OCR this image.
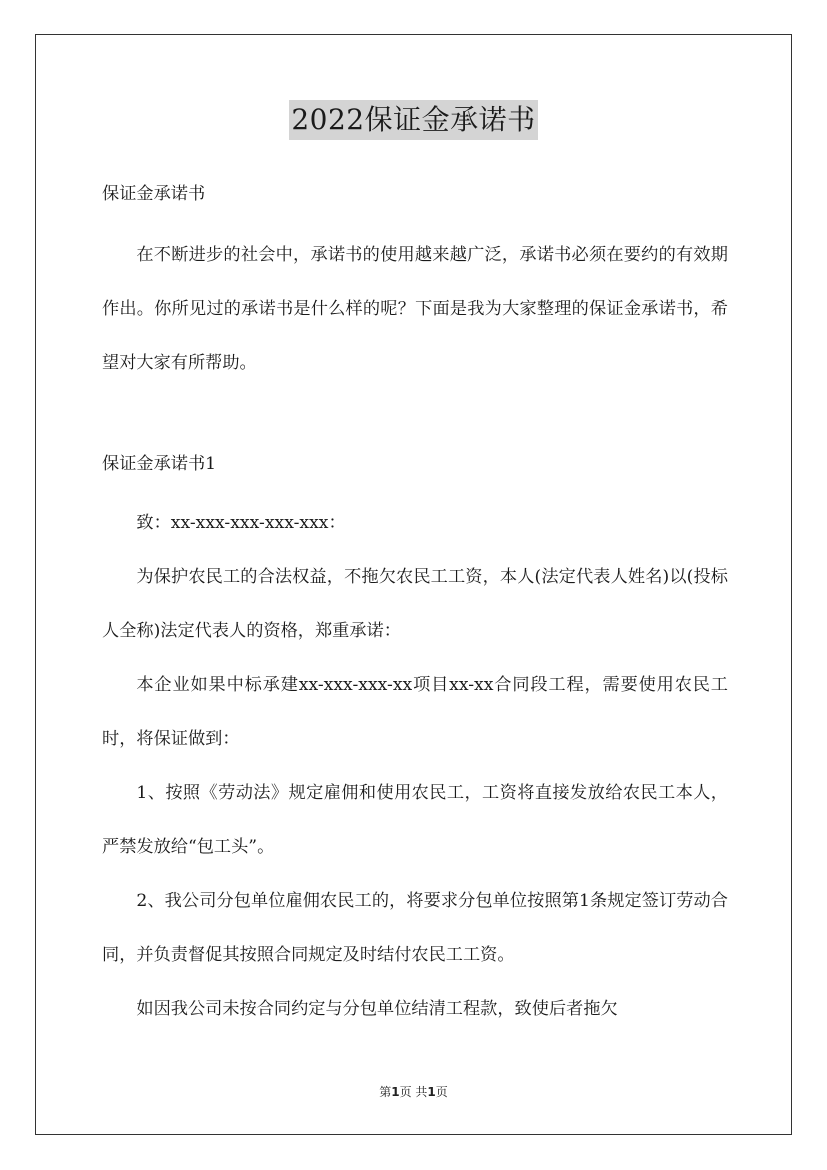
2022保证金承诺书

保证金承诺书

在不断进步的社会中，承诺书的使用越来越广泛，承诺书必须在要约的有效期作出。你所见过的承诺书是什么样的呢？下面是我为大家整理的保证金承诺书，希望对大家有所帮助。

保证金承诺书1

致：xx-xxx-xxx-xxx-xxx：

为保护农民工的合法权益，不拖欠农民工工资，本人(法定代表人姓名)以(投标人全称)法定代表人的资格，郑重承诺：

本企业如果中标承建xx-xxx-xxx-xx项目xx-xx合同段工程，需要使用农民工时，将保证做到：

1、按照《劳动法》规定雇佣和使用农民工，工资将直接发放给农民工本人，严禁发放给“包工头”。

2、我公司分包单位雇佣农民工的，将要求分包单位按照第1条规定签订劳动合同，并负责督促其按照合同规定及时结付农民工工资。

如因我公司未按合同约定与分包单位结清工程款，致使后者拖欠

第1页 共1页
